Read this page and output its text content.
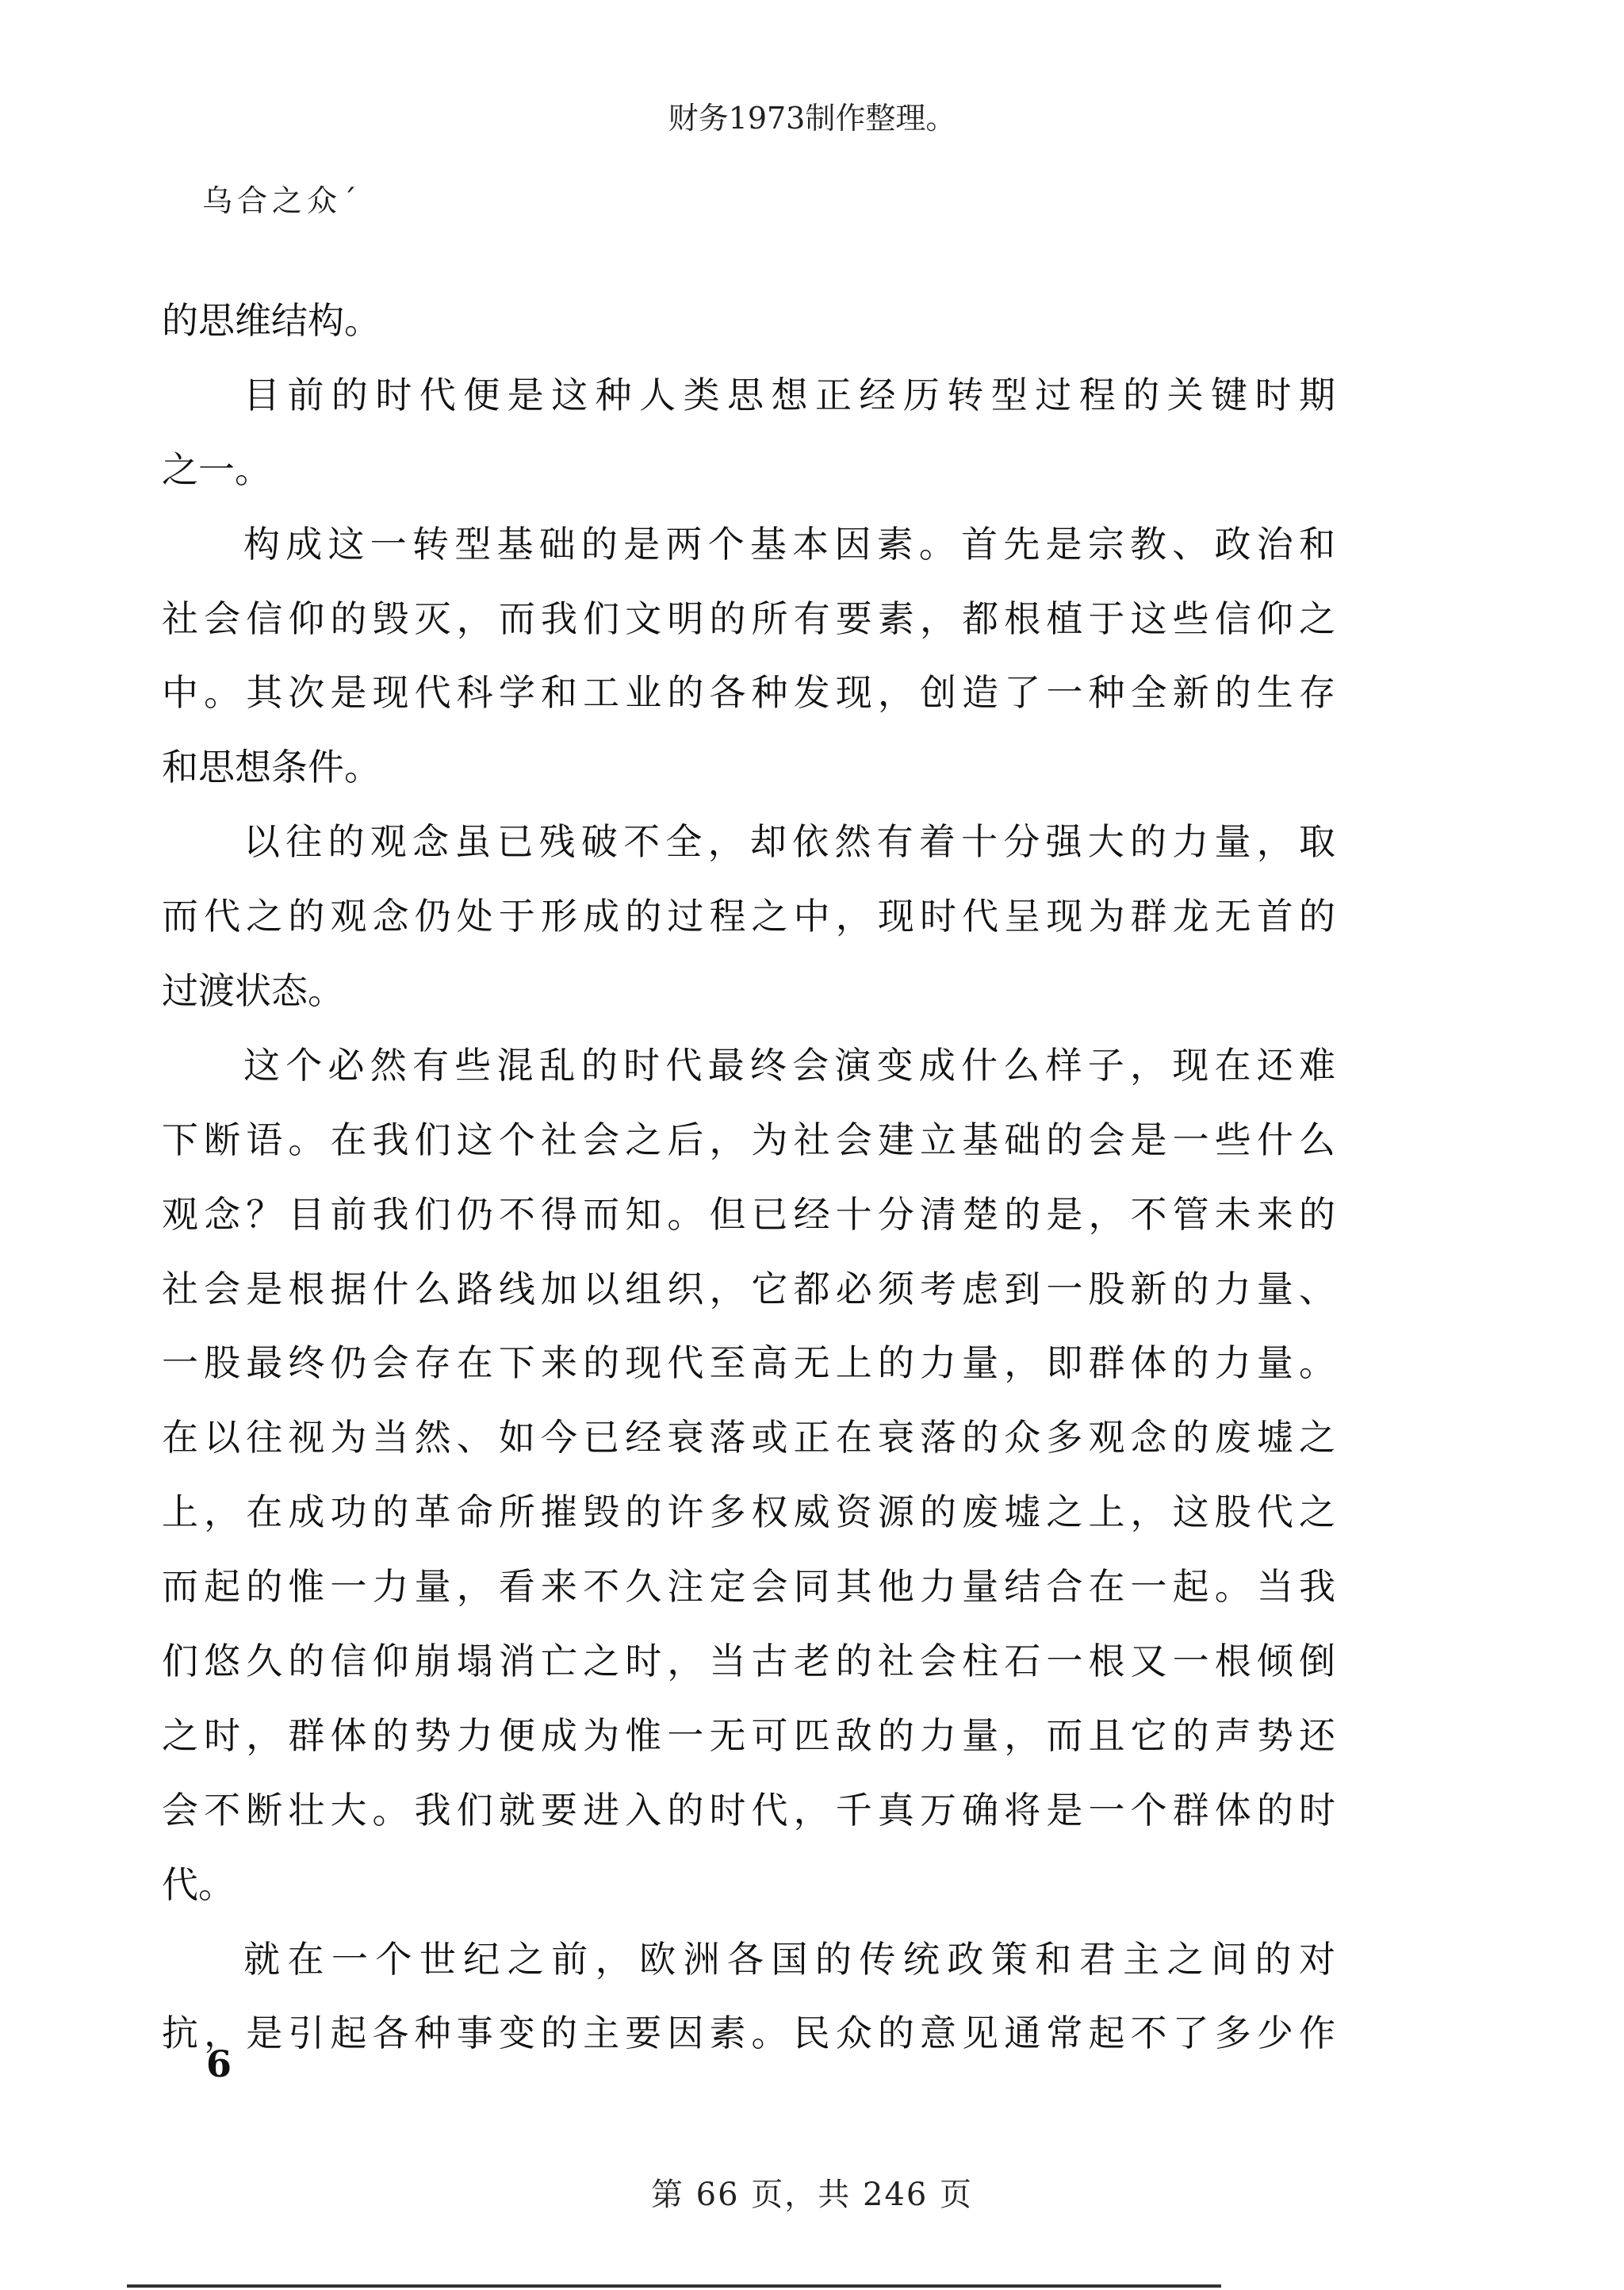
财务1973制作整理。
乌合之众´
的思维结构。
目前的时代便是这种人类思想正经历转型过程的关键时期
之一。
构成这一转型基础的是两个基本因素。首先是宗教、政治和
社会信仰的毁灭，而我们文明的所有要素，都根植于这些信仰之
中。其次是现代科学和工业的各种发现，创造了一种全新的生存
和思想条件。
以往的观念虽已残破不全，却依然有着十分强大的力量，取
而代之的观念仍处于形成的过程之中，现时代呈现为群龙无首的
过渡状态。
这个必然有些混乱的时代最终会演变成什么样子，现在还难
下断语。在我们这个社会之后，为社会建立基础的会是一些什么
观念？目前我们仍不得而知。但已经十分清楚的是，不管未来的
社会是根据什么路线加以组织，它都必须考虑到一股新的力量、
一股最终仍会存在下来的现代至高无上的力量，即群体的力量。
在以往视为当然、如今已经衰落或正在衰落的众多观念的废墟之
上，在成功的革命所摧毁的许多权威资源的废墟之上，这股代之
而起的惟一力量，看来不久注定会同其他力量结合在一起。当我
们悠久的信仰崩塌消亡之时，当古老的社会柱石一根又一根倾倒
之时，群体的势力便成为惟一无可匹敌的力量，而且它的声势还
会不断壮大。我们就要进入的时代，千真万确将是一个群体的时
代。
就在一个世纪之前，欧洲各国的传统政策和君主之间的对
抗，是引起各种事变的主要因素。民众的意见通常起不了多少作
6
第 66 页，共 246 页
